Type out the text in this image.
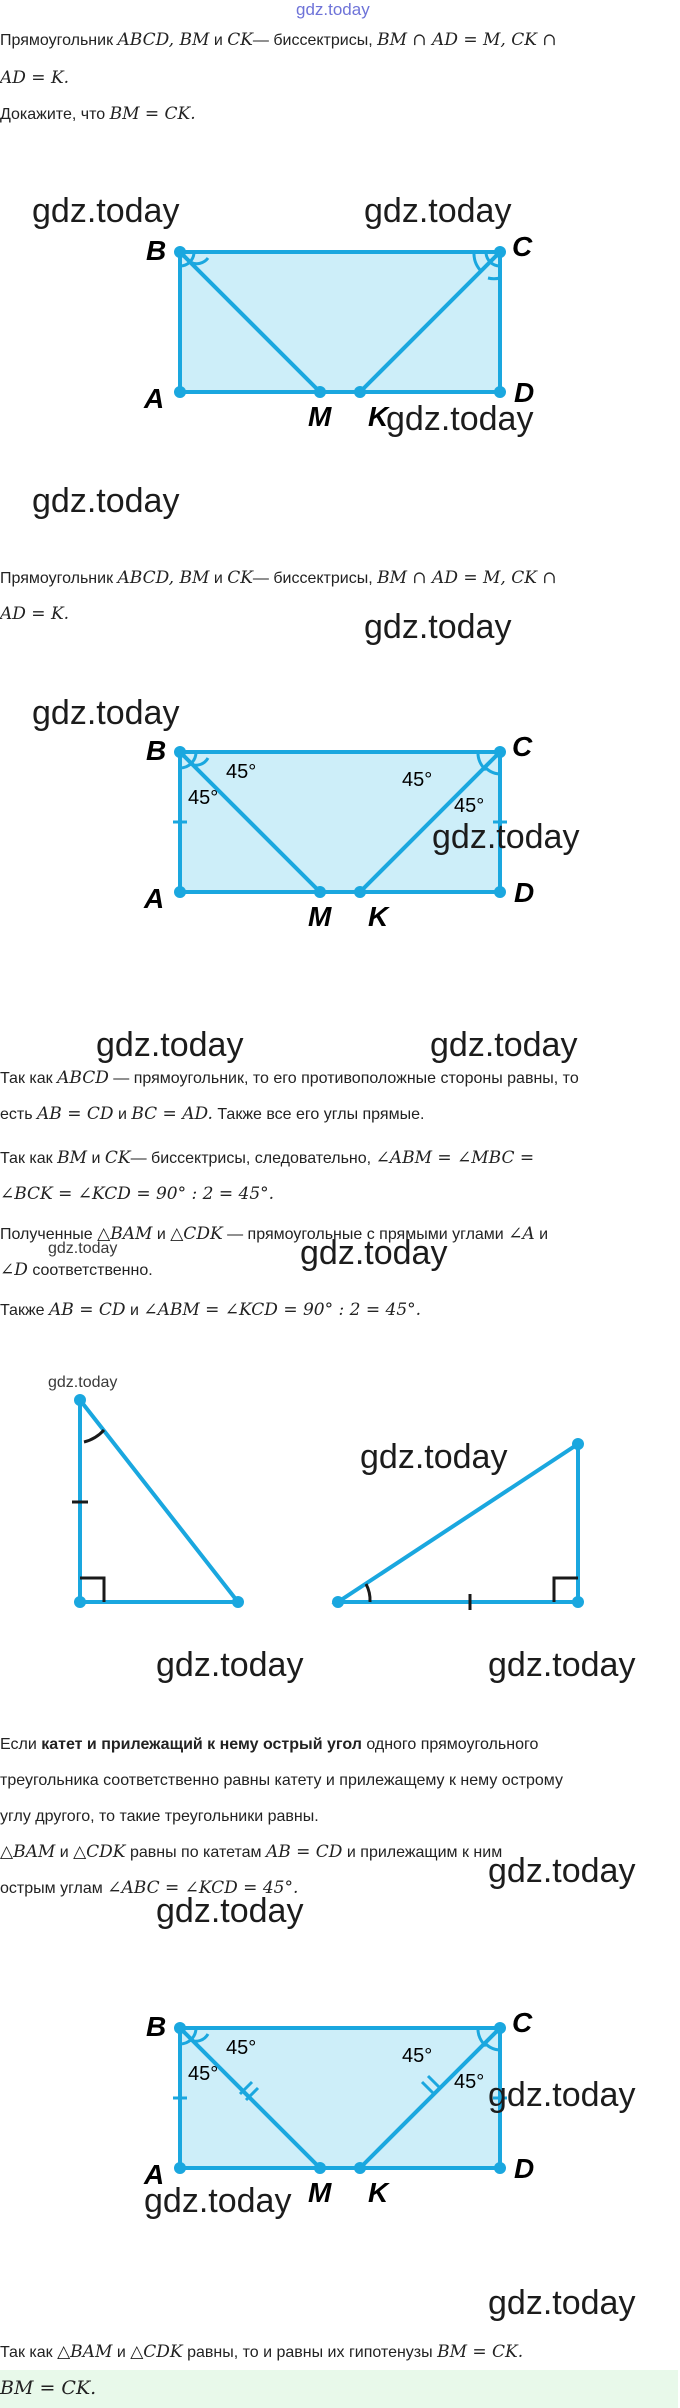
gdz.today
Прямоугольник ABCD, BM и CK— биссектрисы, BM ∩ AD = M, CK ∩
AD = K.
Докажите, что BM = CK.
B	C
A	D
M K
gdz.today	gdz.today
gdz.today
gdz.today
Прямоугольник ABCD, BM и CK— биссектрисы, BM ∩ AD = M, CK ∩
AD = K.	gdz.today
gdz.today
45°
45°
45°
45°
B	C
A	D
M K
gdz.today
gdz.today	gdz.today
Так как ABCD — прямоугольник, то его противоположные стороны равны, то
есть AB = CD и BC = AD. Также все его углы прямые.
Так как BM и CK— биссектрисы, следовательно, ∠ABM = ∠MBC =
∠BCK = ∠KCD = 90° : 2 = 45°.
Полученные △BAM и △CDK — прямоугольные с прямыми углами ∠A и
∠D соответственно.
gdz.today	gdz.today
Также AB = CD и ∠ABM = ∠KCD = 90° : 2 = 45°.
gdz.today
gdz.today
gdz.today	gdz.today
Если катет и прилежащий к нему острый угол одного прямоугольного
треугольника соответственно равны катету и прилежащему к нему острому
углу другого, то такие треугольники равны.
△BAM и △CDK равны по катетам AB = CD и прилежащим к ним
острым углам ∠ABC = ∠KCD = 45°.	gdz.today
gdz.today
45°
45°
45°
45°
B	C
A	D
M K
gdz.today
gdz.today
gdz.today
Так как △BAM и △CDK равны, то и равны их гипотенузы BM = CK.
BM = CK.
